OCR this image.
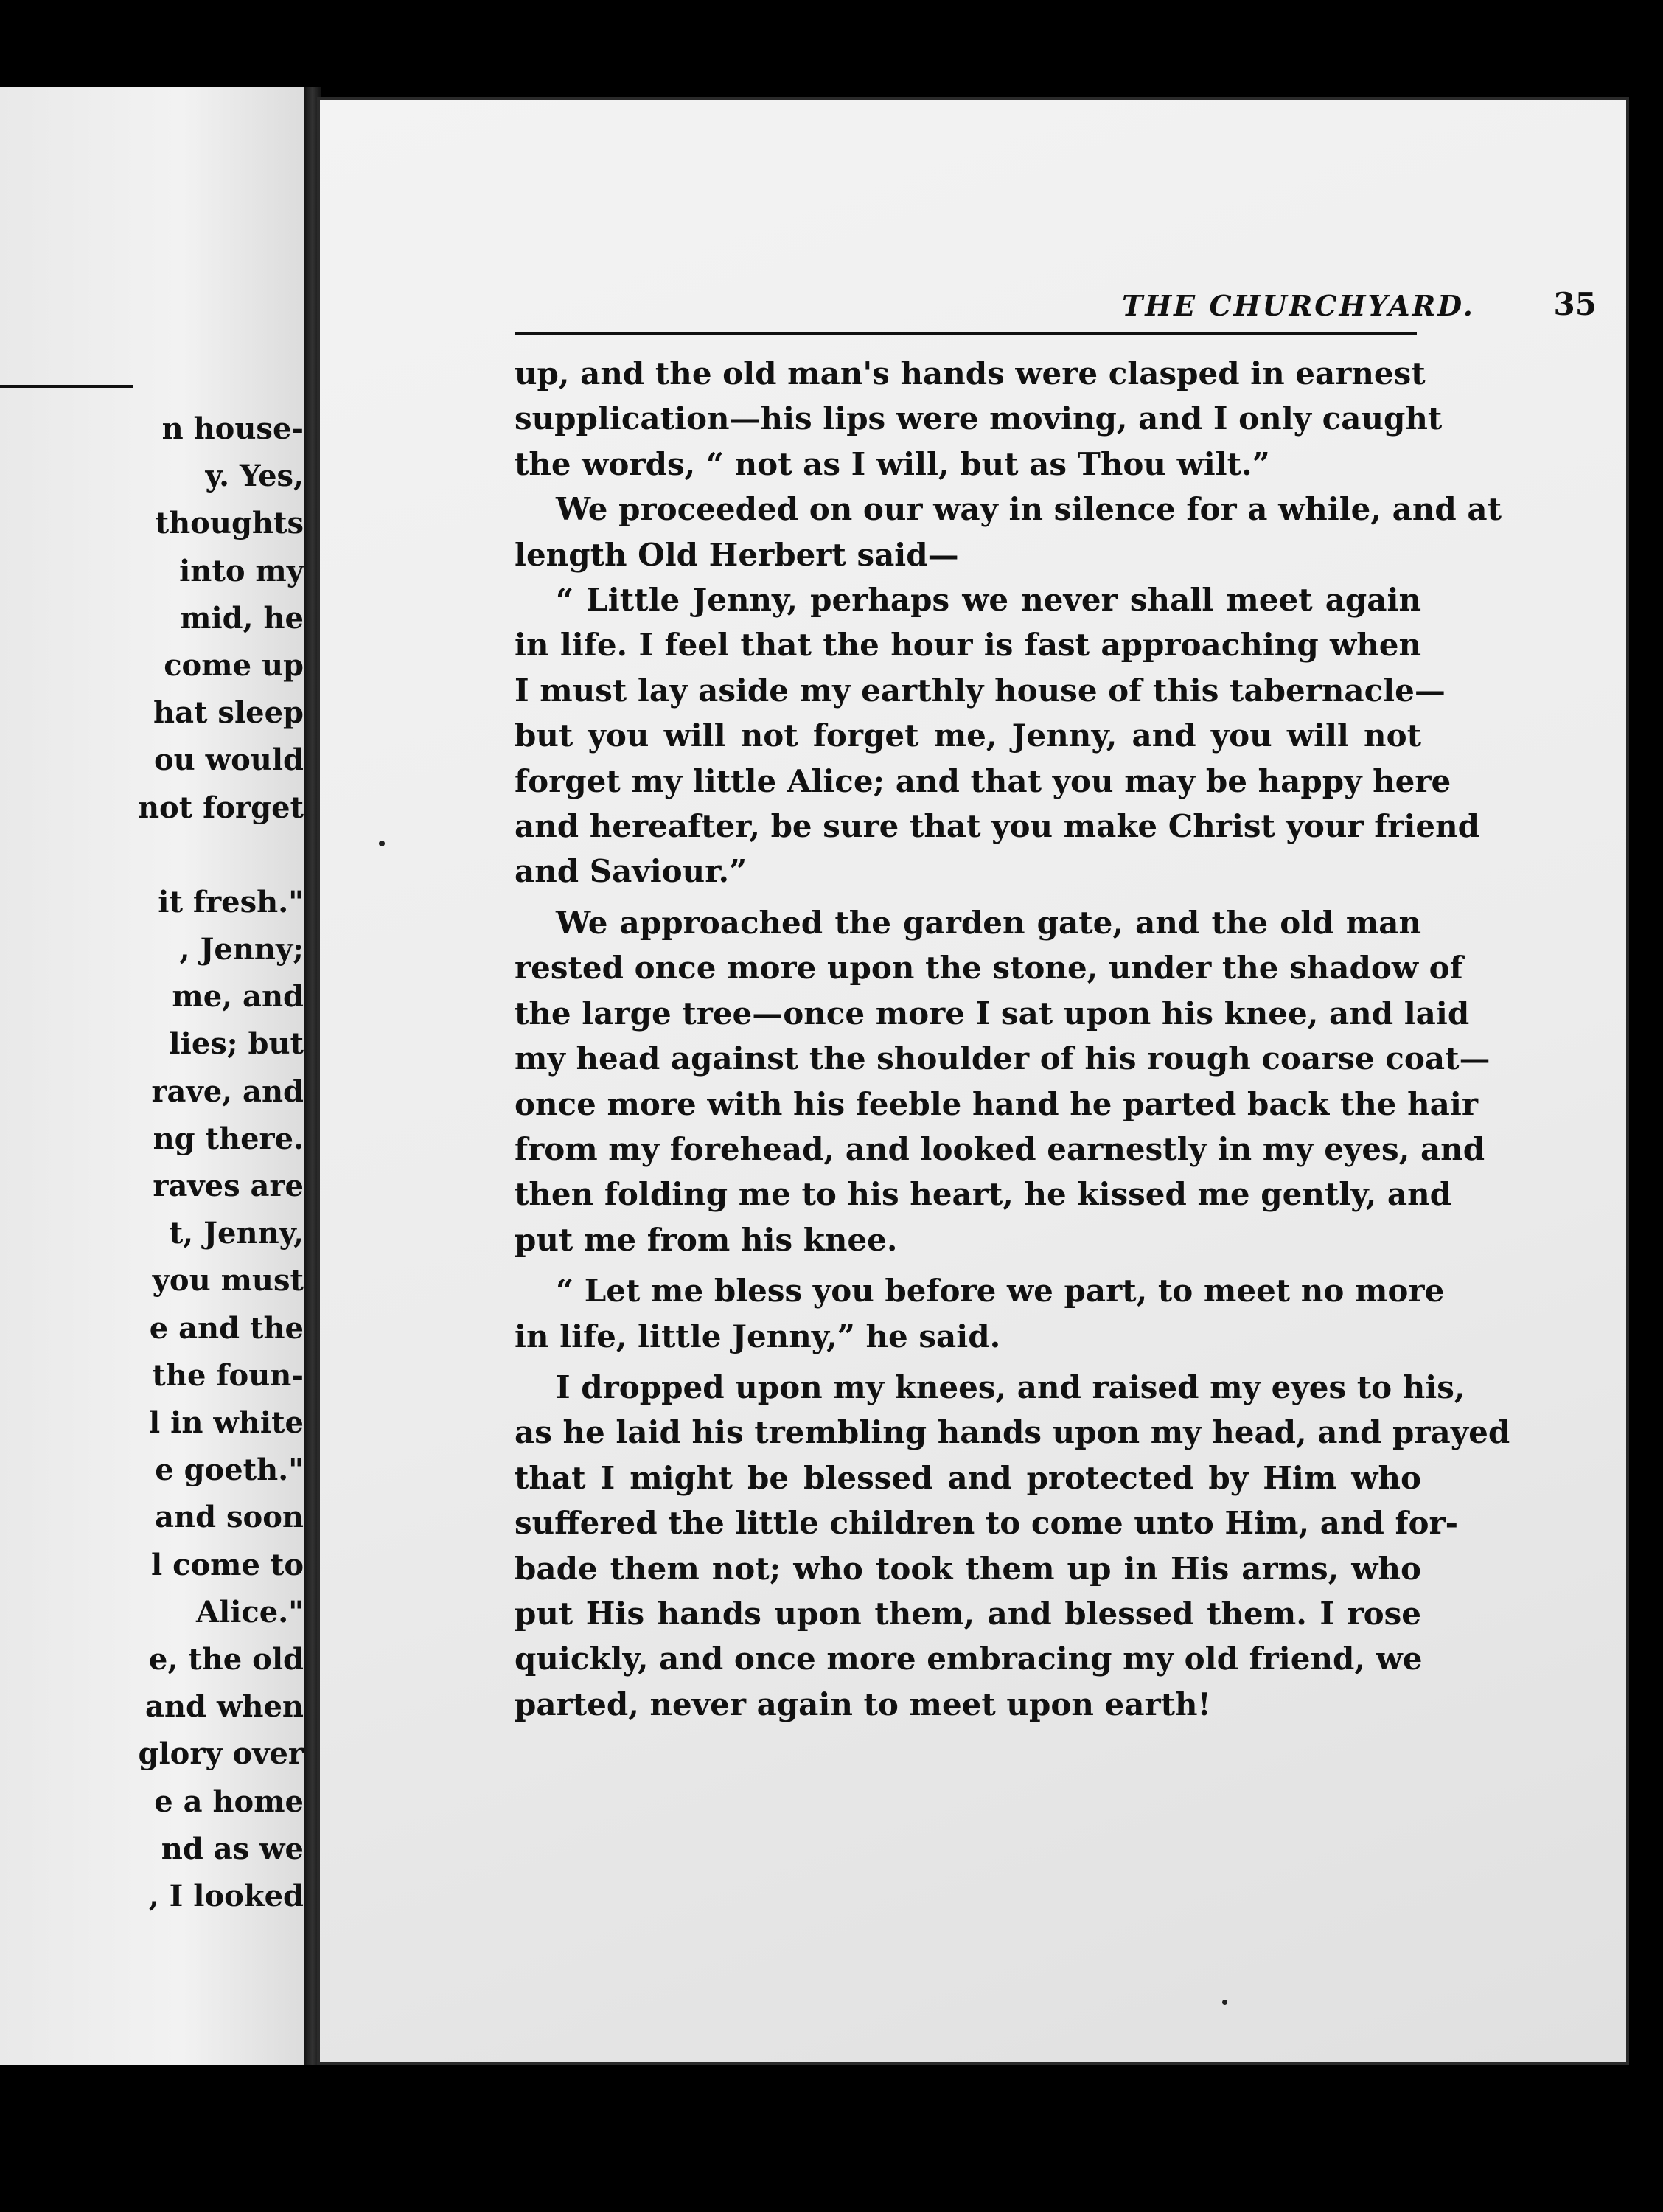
n house-
y. Yes,
thoughts
into my
mid, he
come up
hat sleep
ou would
not forget
it fresh."
, Jenny;
me, and
lies; but
rave, and
ng there.
raves are
t, Jenny,
you must
e and the
the foun-
l in white
e goeth."
and soon
l come to
Alice."
e, the old
and when
glory over
e a home
nd as we
, I looked
THE CHURCHYARD.	35
up, and the old man's hands were clasped in earnest
supplication—his lips were moving, and I only caught
the words, “ not as I will, but as Thou wilt.”
We proceeded on our way in silence for a while, and at
length Old Herbert said—
“ Little Jenny, perhaps we never shall meet again
in life. I feel that the hour is fast approaching when
I must lay aside my earthly house of this tabernacle—
but you will not forget me, Jenny, and you will not
forget my little Alice; and that you may be happy here
and hereafter, be sure that you make Christ your friend
and Saviour.”
We approached the garden gate, and the old man
rested once more upon the stone, under the shadow of
the large tree—once more I sat upon his knee, and laid
my head against the shoulder of his rough coarse coat—
once more with his feeble hand he parted back the hair
from my forehead, and looked earnestly in my eyes, and
then folding me to his heart, he kissed me gently, and
put me from his knee.
“ Let me bless you before we part, to meet no more
in life, little Jenny,” he said.
I dropped upon my knees, and raised my eyes to his,
as he laid his trembling hands upon my head, and prayed
that I might be blessed and protected by Him who
suffered the little children to come unto Him, and for-
bade them not; who took them up in His arms, who
put His hands upon them, and blessed them. I rose
quickly, and once more embracing my old friend, we
parted, never again to meet upon earth!
